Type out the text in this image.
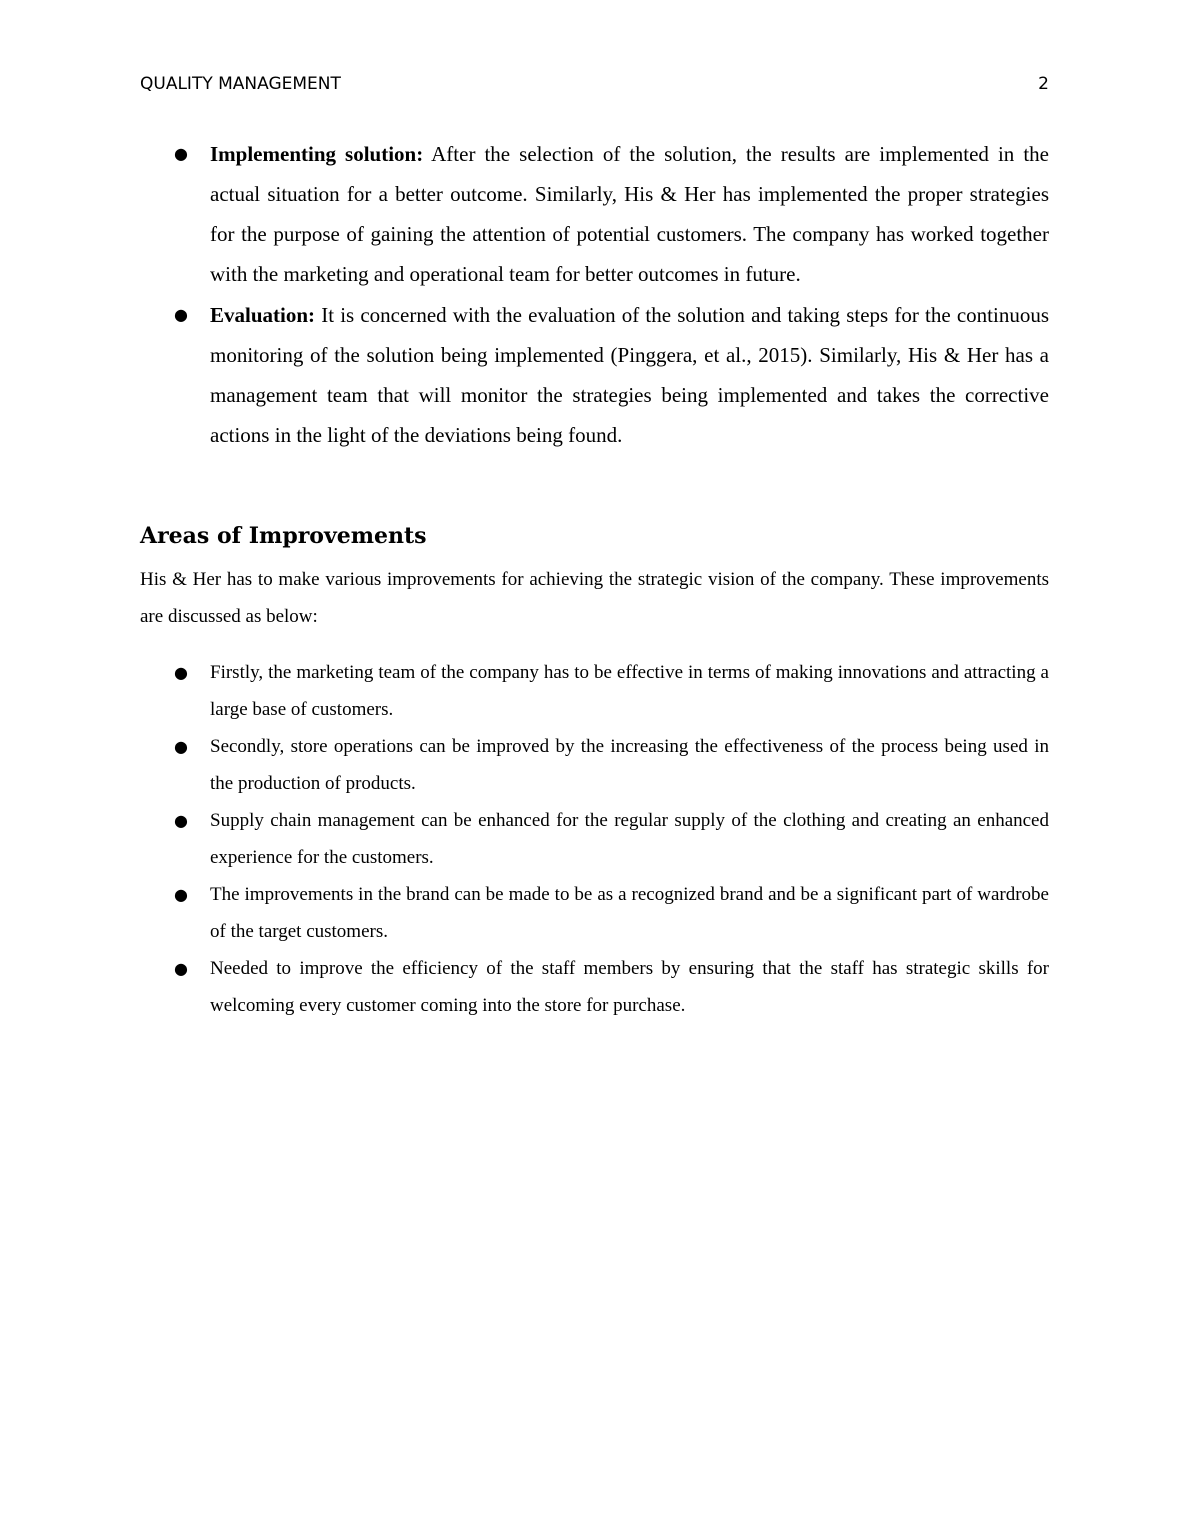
QUALITY MANAGEMENT	2
● Implementing solution: After the selection of the solution, the results are implemented in the actual situation for a better outcome. Similarly, His & Her has implemented the proper strategies for the purpose of gaining the attention of potential customers. The company has worked together with the marketing and operational team for better outcomes in future.
● Evaluation: It is concerned with the evaluation of the solution and taking steps for the continuous monitoring of the solution being implemented (Pinggera, et al., 2015). Similarly, His & Her has a management team that will monitor the strategies being implemented and takes the corrective actions in the light of the deviations being found.
Areas of Improvements

His & Her has to make various improvements for achieving the strategic vision of the company. These improvements are discussed as below:

● Firstly, the marketing team of the company has to be effective in terms of making innovations and attracting a large base of customers.
● Secondly, store operations can be improved by the increasing the effectiveness of the process being used in the production of products.
● Supply chain management can be enhanced for the regular supply of the clothing and creating an enhanced experience for the customers.
● The improvements in the brand can be made to be as a recognized brand and be a significant part of wardrobe of the target customers.
● Needed to improve the efficiency of the staff members by ensuring that the staff has strategic skills for welcoming every customer coming into the store for purchase.
